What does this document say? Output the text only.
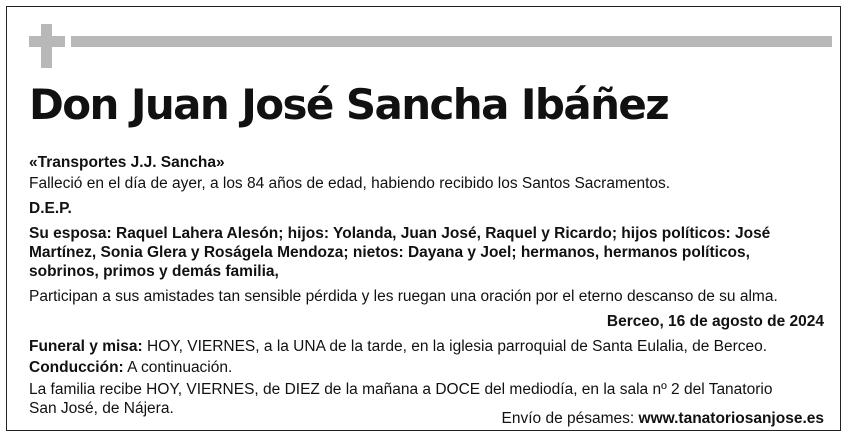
Don Juan José Sancha Ibáñez

«Transportes J.J. Sancha»

Falleció en el día de ayer, a los 84 años de edad, habiendo recibido los Santos Sacramentos.

D.E.P.

Su esposa: Raquel Lahera Alesón; hijos: Yolanda, Juan José, Raquel y Ricardo; hijos políticos: José

Martínez, Sonia Glera y Roságela Mendoza; nietos: Dayana y Joel; hermanos, hermanos políticos,

sobrinos, primos y demás familia,

Participan a sus amistades tan sensible pérdida y les ruegan una oración por el eterno descanso de su alma.

Berceo, 16 de agosto de 2024

Funeral y misa: HOY, VIERNES, a la UNA de la tarde, en la iglesia parroquial de Santa Eulalia, de Berceo.

Conducción: A continuación.

La familia recibe HOY, VIERNES, de DIEZ de la mañana a DOCE del mediodía, en la sala nº 2 del Tanatorio

San José, de Nájera.

Envío de pésames: www.tanatoriosanjose.es
